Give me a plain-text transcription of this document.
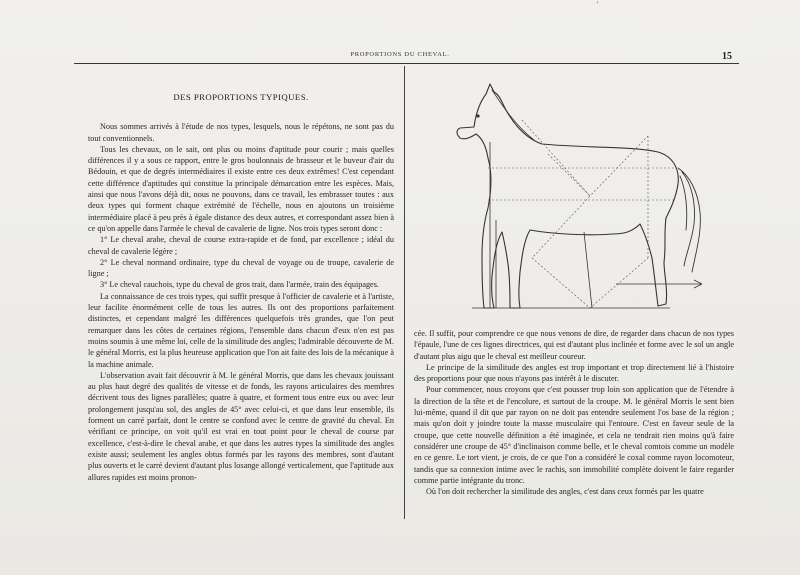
'
PROPORTIONS DU CHEVAL.	15
DES PROPORTIONS TYPIQUES.

Nous sommes arrivés à l'étude de nos types, lesquels, nous le répétons, ne sont pas du tout conventionnels.

Tous les chevaux, on le sait, ont plus ou moins d'aptitude pour courir ; mais quelles différences il y a sous ce rapport, entre le gros boulonnais de brasseur et le buveur d'air du Bédouin, et que de degrés intermédiaires il existe entre ces deux extrêmes! C'est cependant cette différence d'aptitudes qui constitue la principale démarcation entre les espèces. Mais, ainsi que nous l'avons déjà dit, nous ne pouvons, dans ce travail, les embrasser toutes : aux deux types qui forment chaque extrémité de l'échelle, nous en ajoutons un troisième intermédiaire placé à peu près à égale distance des deux autres, et correspondant assez bien à ce qu'on appelle dans l'armée le cheval de cavalerie de ligne. Nos trois types seront donc :

1° Le cheval arabe, cheval de course extra-rapide et de fond, par excellence ; idéal du cheval de cavalerie légère ;

2° Le cheval normand ordinaire, type du cheval de voyage ou de troupe, cavalerie de ligne ;

3° Le cheval cauchois, type du cheval de gros trait, dans l'armée, train des équipages.

La connaissance de ces trois types, qui suffit presque à l'officier de cavalerie et à l'artiste, leur facilite énormément celle de tous les autres. Ils ont des proportions parfaitement distinctes, et cependant malgré les différences quelquefois très grandes, que l'on peut remarquer dans les côtes de certaines régions, l'ensemble dans chacun d'eux n'en est pas moins soumis à une même loi, celle de la similitude des angles; l'admirable découverte de M. le général Morris, est la plus heureuse application que l'on ait faite des lois de la mécanique à la machine animale.

L'observation avait fait découvrir à M. le général Morris, que dans les chevaux jouissant au plus haut degré des qualités de vitesse et de fonds, les rayons articulaires des membres décrivent tous des lignes parallèles; quatre à quatre, et forment tous entre eux ou avec leur prolongement jusqu'au sol, des angles de 45° avec celui-ci, et que dans leur ensemble, ils forment un carré parfait, dont le centre se confond avec le centre de gravité du cheval. En vérifiant ce principe, on voit qu'il est vrai en tout point pour le cheval de course par excellence, c'est-à-dire le cheval arabe, et que dans les autres types la similitude des angles existe aussi; seulement les angles obtus formés par les rayons des membres, sont d'autant plus ouverts et le carré devient d'autant plus losange allongé verticalement, que l'aptitude aux allures rapides est moins pronon-

cée. Il suffit, pour comprendre ce que nous venons de dire, de regarder dans chacun de nos types l'épaule, l'une de ces lignes directrices, qui est d'autant plus inclinée et forme avec le sol un angle d'autant plus aigu que le cheval est meilleur coureur.

Le principe de la similitude des angles est trop important et trop directement lié à l'histoire des proportions pour que nous n'ayons pas intérêt à le discuter.

Pour commencer, nous croyons que c'est pousser trop loin son application que de l'étendre à la direction de la tête et de l'encolure, et surtout de la croupe. M. le général Morris le sent bien lui-même, quand il dit que par rayon on ne doit pas entendre seulement l'os base de la région ; mais qu'on doit y joindre toute la masse musculaire qui l'entoure. C'est en faveur seule de la croupe, que cette nouvelle définition a été imaginée, et cela ne tendrait rien moins qu'à faire considérer une croupe de 45° d'inclinaison comme belle, et le cheval comtois comme un modèle en ce genre. Le tort vient, je crois, de ce que l'on a considéré le coxal comme rayon locomoteur, tandis que sa connexion intime avec le rachis, son immobilité complète doivent le faire regarder comme partie intégrante du tronc.

Où l'on doit rechercher la similitude des angles, c'est dans ceux formés par les quatre
